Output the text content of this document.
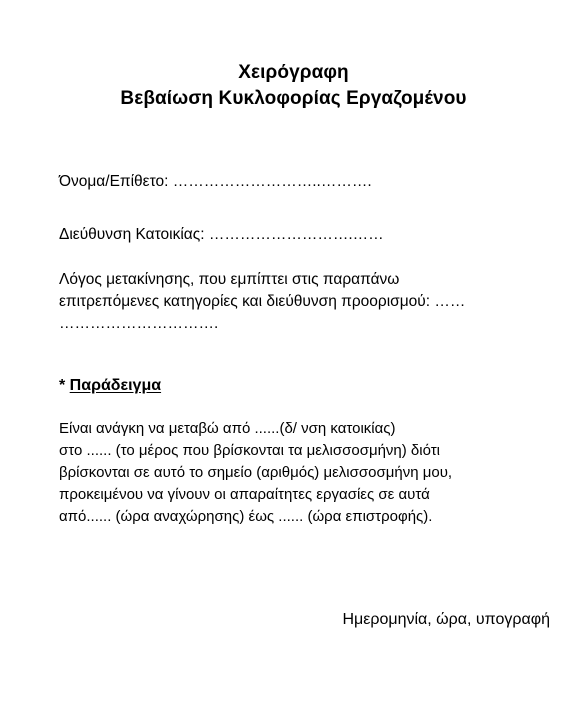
Χειρόγραφη
Βεβαίωση Κυκλοφορίας Εργαζομένου
Όνομα/Επίθετο: ………………………..……….
Διεύθυνση Κατοικίας: ……………………….……
Λόγος μετακίνησης, που εμπίπτει στις παραπάνω
επιτρεπόμενες κατηγορίες και διεύθυνση προορισμού: ……
………………………….
* Παράδειγμα
Είναι ανάγκη να μεταβώ από ......(δ/ νση κατοικίας)
στο ...... (το μέρος που βρίσκονται τα μελισσοσμήνη) διότι
βρίσκονται σε αυτό το σημείο (αριθμός) μελισσοσμήνη μου,
προκειμένου να γίνουν οι απαραίτητες εργασίες σε αυτά
από...... (ώρα αναχώρησης) έως ...... (ώρα επιστροφής).
Ημερομηνία, ώρα, υπογραφή
